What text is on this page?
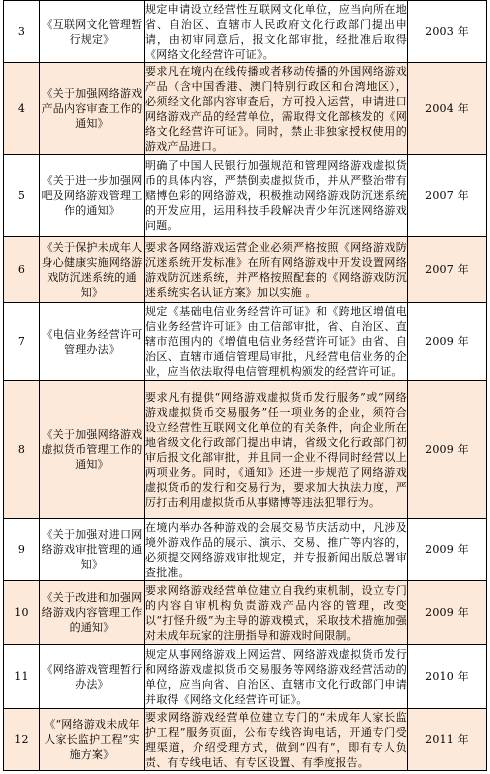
3	《互联网文化管理暂行规定》	规定申请设立经营性互联网文化单位，应当向所在地省、自治区、直辖市人民政府文化行政部门提出申请，由初审同意后，报文化部审批，经批准后取得《网络文化经营许可证》。	2003 年
4	《关于加强网络游戏产品内容审查工作的通知》	要求凡在境内在线传播或者移动传播的外国网络游戏产品（含中国香港、澳门特别行政区和台湾地区），必须经文化部内容审查后，方可投入运营，申请进口网络游戏产品的经营单位，需取得文化部核发的《网络文化经营许可证》。同时，禁止非独家授权使用的游戏产品进口。	2004 年
5	《关于进一步加强网吧及网络游戏管理工作的通知》	明确了中国人民银行加强规范和管理网络游戏虚拟货币的具体内容，严禁倒卖虚拟货币，并从严整治带有赌博色彩的网络游戏，积极推动网络游戏防沉迷系统的开发应用，运用科技手段解决青少年沉迷网络游戏问题。	2007 年
6	《关于保护未成年人身心健康实施网络游戏防沉迷系统的通知》	要求各网络游戏运营企业必须严格按照《网络游戏防沉迷系统开发标准》在所有网络游戏中开发设置网络游戏防沉迷系统，并严格按照配套的《网络游戏防沉迷系统实名认证方案》加以实施 。	2007 年
7	《电信业务经营许可管理办法》	规定《基础电信业务经营许可证》和《跨地区增值电信业务经营许可证》由工信部审批，省、自治区、直辖市范围内的《增值电信业务经营许可证》由省、自治区、直辖市通信管理局审批，凡经营电信业务的企业，应当依法取得电信管理机构颁发的经营许可证。	2009 年
8	《关于加强网络游戏虚拟货币管理工作的通知》	要求凡有提供“网络游戏虚拟货币发行服务”或“网络游戏虚拟货币交易服务”任一项业务的企业，须符合设立经营性互联网文化单位的有关条件，向企业所在地省级文化行政部门提出申请，省级文化行政部门初审后报文化部审批，并且同一企业不得同时经营以上两项业务。同时，《通知》还进一步规范了网络游戏虚拟货币的发行和交易行为，要求加大执法力度，严厉打击利用虚拟货币从事赌博等违法犯罪行为。	2009 年
9	《关于加强对进口网络游戏审批管理的通知》	在境内举办各种游戏的会展交易节庆活动中，凡涉及境外游戏作品的展示、演示、交易、推广等内容的，必须提交网络游戏审批规定，并专报新闻出版总署审查批准。	2009 年
10	《关于改进和加强网络游戏内容管理工作的通知》	要求网络游戏经营单位建立自我约束机制，设立专门的内容自审机构负责游戏产品内容的管理，改变以“打怪升级”为主导的游戏模式，采取技术措施加强对未成年玩家的注册指导和游戏时间限制。	2009 年
11	《网络游戏管理暂行办法》	规定从事网络游戏上网运营、网络游戏虚拟货币发行和网络游戏虚拟货币交易服务等网络游戏经营活动的单位，应当向省、自治区、直辖市文化行政部门申请并取得《网络文化经营许可证》。	2010 年
12	《“网络游戏未成年人家长监护工程”实施方案》	要求网络游戏经营单位建立专门的“未成年人家长监护工程”服务页面，公布专线咨询电话，开通专门受理渠道，介绍受理方式，做到“四有”，即有专人负责、有专线电话、有专区设置、有季度报告。	2011 年
